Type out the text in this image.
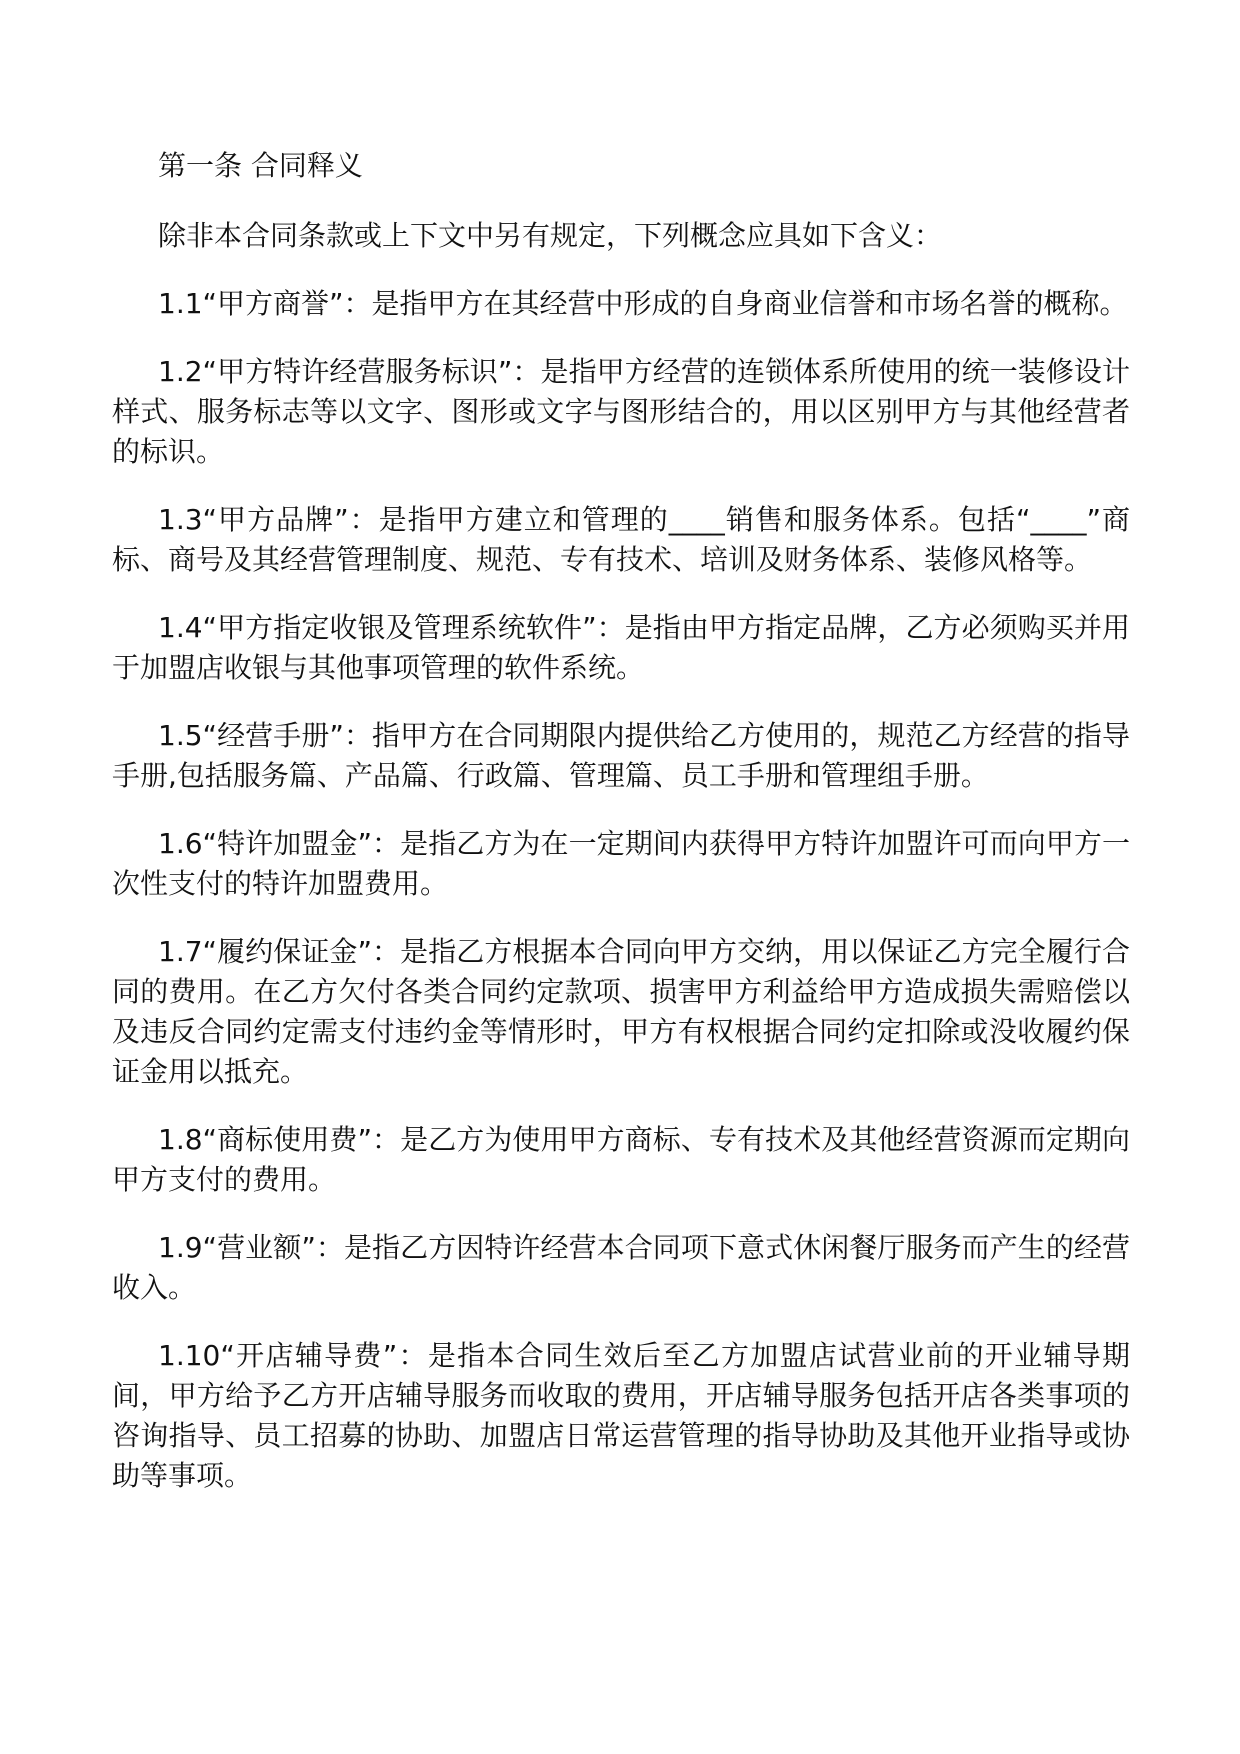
第一条 合同释义

除非本合同条款或上下文中另有规定，下列概念应具如下含义：

1.1“甲方商誉”：是指甲方在其经营中形成的自身商业信誉和市场名誉的概称。

1.2“甲方特许经营服务标识”：是指甲方经营的连锁体系所使用的统一装修设计样式、服务标志等以文字、图形或文字与图形结合的，用以区别甲方与其他经营者的标识。

1.3“甲方品牌”：是指甲方建立和管理的____销售和服务体系。包括“____”商标、商号及其经营管理制度、规范、专有技术、培训及财务体系、装修风格等。

1.4“甲方指定收银及管理系统软件”：是指由甲方指定品牌，乙方必须购买并用于加盟店收银与其他事项管理的软件系统。

1.5“经营手册”：指甲方在合同期限内提供给乙方使用的，规范乙方经营的指导手册,包括服务篇、产品篇、行政篇、管理篇、员工手册和管理组手册。

1.6“特许加盟金”：是指乙方为在一定期间内获得甲方特许加盟许可而向甲方一次性支付的特许加盟费用。

1.7“履约保证金”：是指乙方根据本合同向甲方交纳，用以保证乙方完全履行合同的费用。在乙方欠付各类合同约定款项、损害甲方利益给甲方造成损失需赔偿以及违反合同约定需支付违约金等情形时，甲方有权根据合同约定扣除或没收履约保证金用以抵充。

1.8“商标使用费”：是乙方为使用甲方商标、专有技术及其他经营资源而定期向甲方支付的费用。

1.9“营业额”：是指乙方因特许经营本合同项下意式休闲餐厅服务而产生的经营收入。

1.10“开店辅导费”：是指本合同生效后至乙方加盟店试营业前的开业辅导期间，甲方给予乙方开店辅导服务而收取的费用，开店辅导服务包括开店各类事项的咨询指导、员工招募的协助、加盟店日常运营管理的指导协助及其他开业指导或协助等事项。
